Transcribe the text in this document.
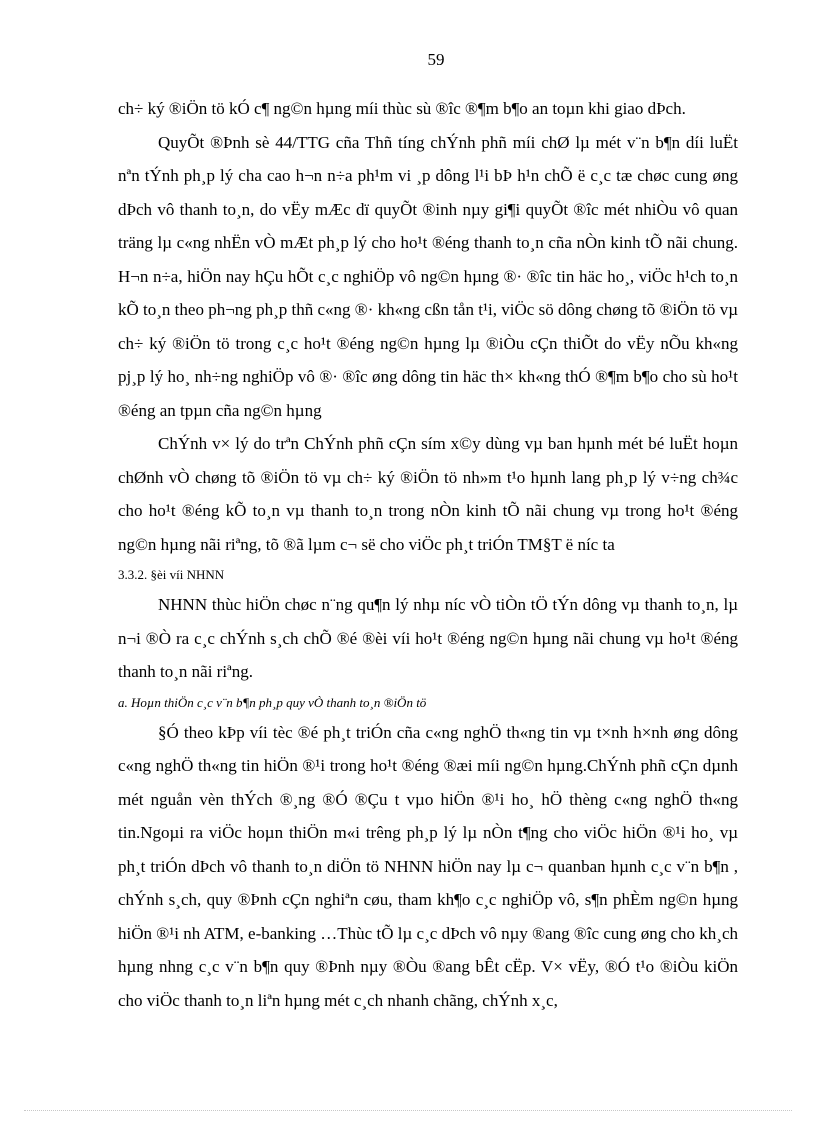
59

ch÷ ký ®iÖn tö kÓ c¶ ng©n hµng míi thùc sù ®îc ®¶m b¶o an toµn khi giao dÞch.

QuyÕt ®Þnh sè 44/TTG cña Thñ tíng chÝnh phñ míi chØ lµ mét v¨n b¶n díi luËt nªn tÝnh ph¸p lý cha cao h¬n n÷a ph¹m vi ¸p dông l¹i bÞ h¹n chÕ ë c¸c tæ chøc cung øng dÞch vô thanh to¸n, do vËy mÆc dï quyÕt ®inh nµy gi¶i quyÕt ®îc mét nhiÒu vô quan träng lµ c«ng nhËn vÒ mÆt ph¸p lý cho ho¹t ®éng thanh to¸n cña nÒn kinh tÕ nãi chung. H¬n n÷a, hiÖn nay hÇu hÕt c¸c nghiÖp vô ng©n hµng ®· ®îc tin häc ho¸, viÖc h¹ch to¸n kÕ to¸n theo ph¬ng ph¸p thñ c«ng ®· kh«ng cßn tån t¹i, viÖc sö dông chøng tõ ®iÖn tö vµ ch÷ ký ®iÖn tö trong c¸c ho¹t ®éng ng©n hµng lµ ®iÒu cÇn thiÕt do vËy nÕu kh«ng pj¸p lý ho¸ nh÷ng nghiÖp vô ®· ®îc øng dông tin häc th× kh«ng thÓ ®¶m b¶o cho sù ho¹t ®éng an tpµn cña ng©n hµng

ChÝnh v× lý do trªn ChÝnh phñ cÇn sím x©y dùng vµ ban hµnh mét bé luËt hoµn chØnh vÒ chøng tõ ®iÖn tö vµ ch÷ ký ®iÖn tö nh»m t¹o hµnh lang ph¸p lý v÷ng ch¾c cho ho¹t ®éng kÕ to¸n vµ thanh to¸n trong nÒn kinh tÕ nãi chung vµ trong ho¹t ®éng ng©n hµng nãi riªng, tõ ®ã lµm c¬ së cho viÖc ph¸t triÓn TM§T ë níc ta

3.3.2. §èi víi NHNN

NHNN thùc hiÖn chøc n¨ng qu¶n lý nhµ níc vÒ tiÒn tÖ tÝn dông vµ thanh to¸n, lµ n¬i ®Ò ra c¸c chÝnh s¸ch chÕ ®é ®èi víi ho¹t ®éng ng©n hµng nãi chung vµ ho¹t ®éng thanh to¸n nãi riªng.

a. Hoµn thiÖn c¸c v¨n b¶n ph¸p quy vÒ thanh to¸n ®iÖn tö

§Ó theo kÞp víi tèc ®é ph¸t triÓn cña c«ng nghÖ th«ng tin vµ t×nh h×nh øng dông c«ng nghÖ th«ng tin hiÖn ®¹i trong ho¹t ®éng ®æi míi ng©n hµng.ChÝnh phñ cÇn dµnh mét nguån vèn thÝch ®¸ng ®Ó ®Çu t vµo hiÖn ®¹i ho¸ hÖ thèng c«ng nghÖ th«ng tin.Ngoµi ra viÖc hoµn thiÖn m«i trêng ph¸p lý lµ nÒn t¶ng cho viÖc hiÖn ®¹i ho¸ vµ ph¸t triÓn dÞch vô thanh to¸n diÖn tö NHNN hiÖn nay lµ c¬ quanban hµnh c¸c v¨n b¶n , chÝnh s¸ch, quy ®Þnh cÇn nghiªn cøu, tham kh¶o c¸c nghiÖp vô, s¶n phÈm ng©n hµng hiÖn ®¹i nh ATM, e-banking …Thùc tÕ lµ c¸c dÞch vô nµy ®ang ®îc cung øng cho kh¸ch hµng nhng c¸c v¨n b¶n quy ®Þnh nµy ®Òu ®ang bÊt cËp. V× vËy, ®Ó t¹o ®iÒu kiÖn cho viÖc thanh to¸n liªn hµng mét c¸ch nhanh chãng, chÝnh x¸c,
